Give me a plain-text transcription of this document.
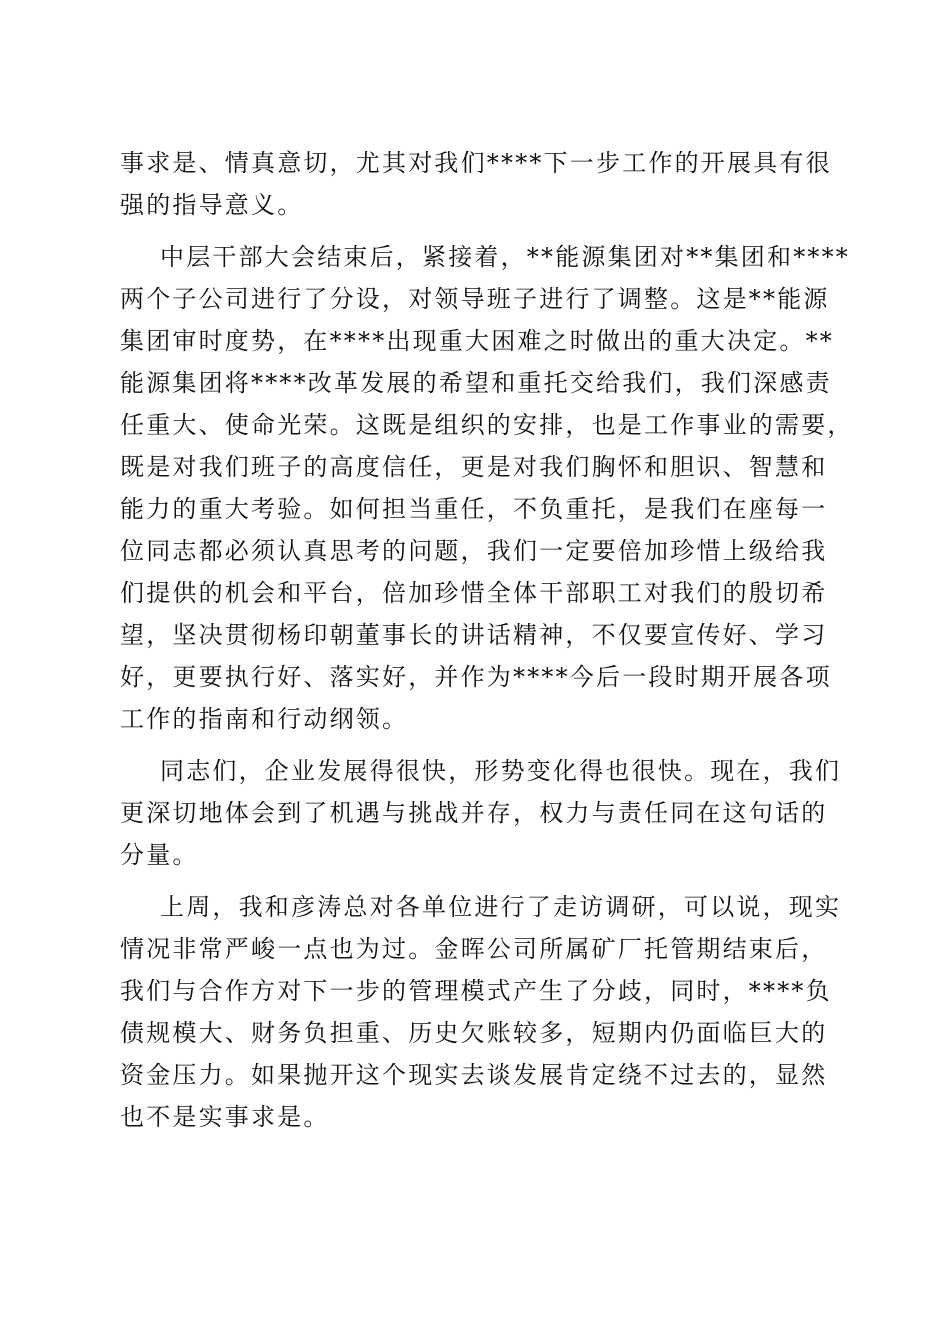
事求是、情真意切，尤其对我们****下一步工作的开展具有很
强的指导意义。
中层干部大会结束后，紧接着，**能源集团对**集团和****
两个子公司进行了分设，对领导班子进行了调整。这是**能源
集团审时度势，在****出现重大困难之时做出的重大决定。**
能源集团将****改革发展的希望和重托交给我们，我们深感责
任重大、使命光荣。这既是组织的安排，也是工作事业的需要，
既是对我们班子的高度信任，更是对我们胸怀和胆识、智慧和
能力的重大考验。如何担当重任，不负重托，是我们在座每一
位同志都必须认真思考的问题，我们一定要倍加珍惜上级给我
们提供的机会和平台，倍加珍惜全体干部职工对我们的殷切希
望，坚决贯彻杨印朝董事长的讲话精神，不仅要宣传好、学习
好，更要执行好、落实好，并作为****今后一段时期开展各项
工作的指南和行动纲领。
同志们，企业发展得很快，形势变化得也很快。现在，我们
更深切地体会到了机遇与挑战并存，权力与责任同在这句话的
分量。
上周，我和彦涛总对各单位进行了走访调研，可以说，现实
情况非常严峻一点也为过。金晖公司所属矿厂托管期结束后，
我们与合作方对下一步的管理模式产生了分歧，同时，****负
债规模大、财务负担重、历史欠账较多，短期内仍面临巨大的
资金压力。如果抛开这个现实去谈发展肯定绕不过去的，显然
也不是实事求是。
